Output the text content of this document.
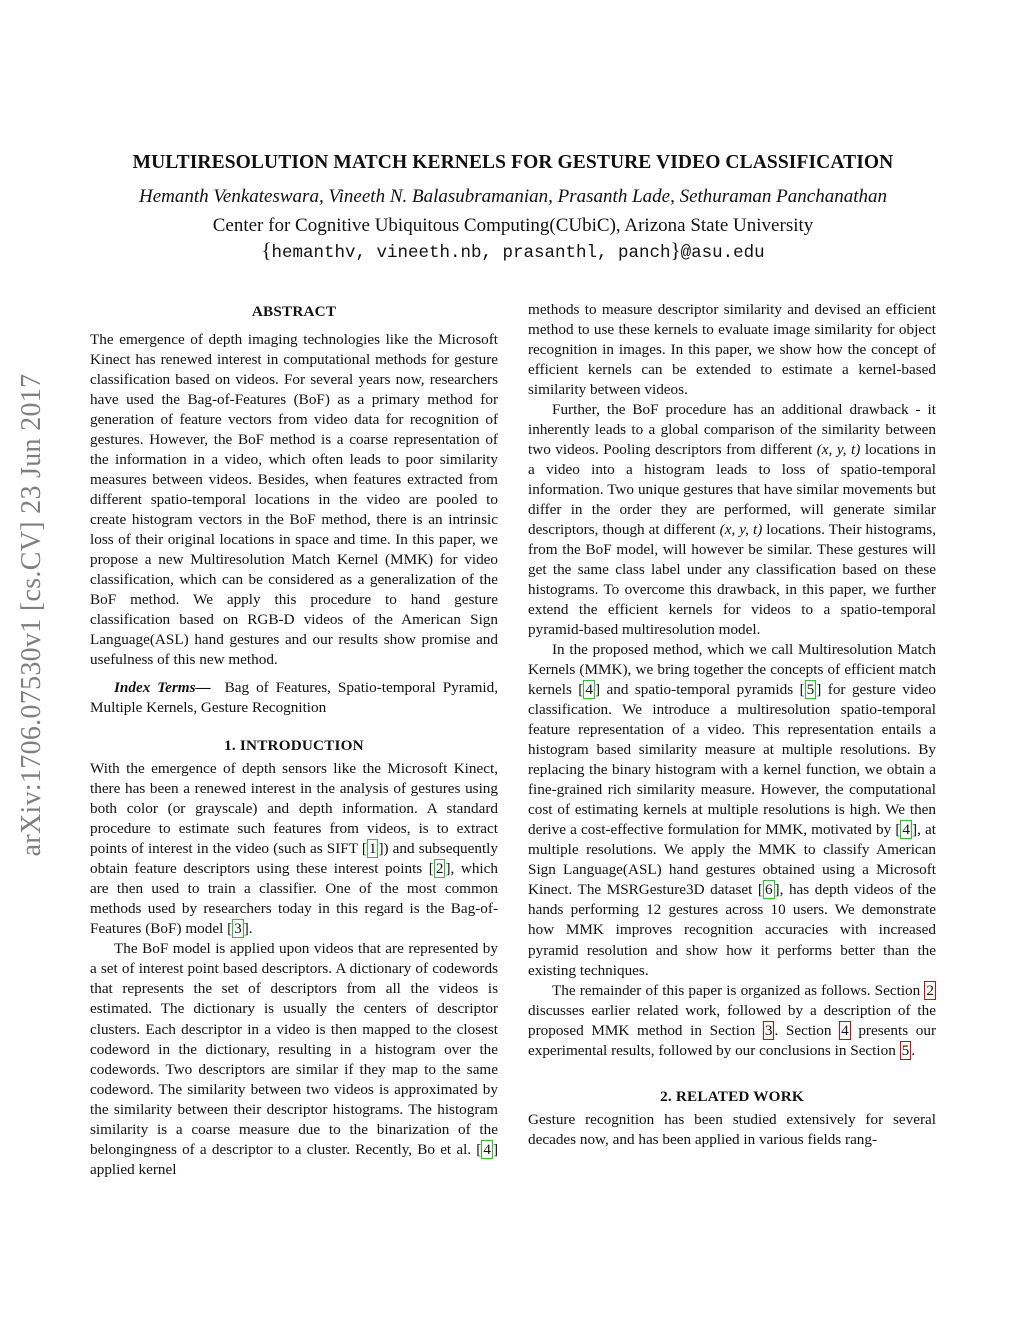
arXiv:1706.07530v1 [cs.CV] 23 Jun 2017
MULTIRESOLUTION MATCH KERNELS FOR GESTURE VIDEO CLASSIFICATION
Hemanth Venkateswara, Vineeth N. Balasubramanian, Prasanth Lade, Sethuraman Panchanathan
Center for Cognitive Ubiquitous Computing(CUbiC), Arizona State University
{hemanthv, vineeth.nb, prasanthl, panch}@asu.edu
ABSTRACT

The emergence of depth imaging technologies like the Microsoft Kinect has renewed interest in computational methods for gesture classification based on videos. For several years now, researchers have used the Bag-of-Features (BoF) as a primary method for generation of feature vectors from video data for recognition of gestures. However, the BoF method is a coarse representation of the information in a video, which often leads to poor similarity measures between videos. Besides, when features extracted from different spatio-temporal locations in the video are pooled to create histogram vectors in the BoF method, there is an intrinsic loss of their original locations in space and time. In this paper, we propose a new Multiresolution Match Kernel (MMK) for video classification, which can be considered as a generalization of the BoF method. We apply this procedure to hand gesture classification based on RGB-D videos of the American Sign Language(ASL) hand gestures and our results show promise and usefulness of this new method.

Index Terms— Bag of Features, Spatio-temporal Pyramid, Multiple Kernels, Gesture Recognition

1. INTRODUCTION

With the emergence of depth sensors like the Microsoft Kinect, there has been a renewed interest in the analysis of gestures using both color (or grayscale) and depth information. A standard procedure to estimate such features from videos, is to extract points of interest in the video (such as SIFT [ 1 ]) and subsequently obtain feature descriptors using these interest points [ 2 ], which are then used to train a classifier. One of the most common methods used by researchers today in this regard is the Bag-of-Features (BoF) model [ 3 ].

The BoF model is applied upon videos that are represented by a set of interest point based descriptors. A dictionary of codewords that represents the set of descriptors from all the videos is estimated. The dictionary is usually the centers of descriptor clusters. Each descriptor in a video is then mapped to the closest codeword in the dictionary, resulting in a histogram over the codewords. Two descriptors are similar if they map to the same codeword. The similarity between two videos is approximated by the similarity between their descriptor histograms. The histogram similarity is a coarse measure due to the binarization of the belongingness of a descriptor to a cluster. Recently, Bo et al. [ 4 ] applied kernel

methods to measure descriptor similarity and devised an efficient method to use these kernels to evaluate image similarity for object recognition in images. In this paper, we show how the concept of efficient kernels can be extended to estimate a kernel-based similarity between videos.

Further, the BoF procedure has an additional drawback - it inherently leads to a global comparison of the similarity between two videos. Pooling descriptors from different (x, y, t) locations in a video into a histogram leads to loss of spatio-temporal information. Two unique gestures that have similar movements but differ in the order they are performed, will generate similar descriptors, though at different (x, y, t) locations. Their histograms, from the BoF model, will however be similar. These gestures will get the same class label under any classification based on these histograms. To overcome this drawback, in this paper, we further extend the efficient kernels for videos to a spatio-temporal pyramid-based multiresolution model.

In the proposed method, which we call Multiresolution Match Kernels (MMK), we bring together the concepts of efficient match kernels [ 4 ] and spatio-temporal pyramids [ 5 ] for gesture video classification. We introduce a multiresolution spatio-temporal feature representation of a video. This representation entails a histogram based similarity measure at multiple resolutions. By replacing the binary histogram with a kernel function, we obtain a fine-grained rich similarity measure. However, the computational cost of estimating kernels at multiple resolutions is high. We then derive a cost-effective formulation for MMK, motivated by [ 4 ], at multiple resolutions. We apply the MMK to classify American Sign Language(ASL) hand gestures obtained using a Microsoft Kinect. The MSRGesture3D dataset [ 6 ], has depth videos of the hands performing 12 gestures across 10 users. We demonstrate how MMK improves recognition accuracies with increased pyramid resolution and show how it performs better than the existing techniques.

The remainder of this paper is organized as follows. Section 2 discusses earlier related work, followed by a description of the proposed MMK method in Section 3 . Section 4 presents our experimental results, followed by our conclusions in Section 5 .

2. RELATED WORK

Gesture recognition has been studied extensively for several decades now, and has been applied in various fields rang-
